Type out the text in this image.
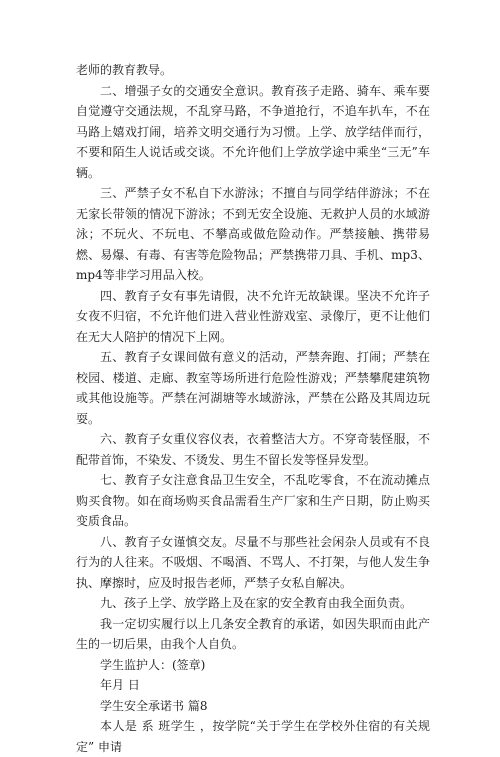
老师的教育教导。

二、增强子女的交通安全意识。教育孩子走路、骑车、乘车要自觉遵守交通法规，不乱穿马路，不争道抢行，不追车扒车，不在马路上嬉戏打闹，培养文明交通行为习惯。上学、放学结伴而行，不要和陌生人说话或交谈。不允许他们上学放学途中乘坐“三无”车辆。

三、严禁子女不私自下水游泳；不擅自与同学结伴游泳；不在无家长带领的情况下游泳；不到无安全设施、无救护人员的水域游泳；不玩火、不玩电、不攀高或做危险动作。严禁接触、携带易燃、易爆、有毒、有害等危险物品；严禁携带刀具、手机、mp3、mp4等非学习用品入校。

四、教育子女有事先请假，决不允许无故缺课。坚决不允许子女夜不归宿，不允许他们进入营业性游戏室、录像厅，更不让他们在无大人陪护的情况下上网。

五、教育子女课间做有意义的活动，严禁奔跑、打闹；严禁在校园、楼道、走廊、教室等场所进行危险性游戏；严禁攀爬建筑物或其他设施等。严禁在河湖塘等水域游泳，严禁在公路及其周边玩耍。

六、教育子女重仪容仪表，衣着整洁大方。不穿奇装怪服，不配带首饰，不染发、不烫发、男生不留长发等怪异发型。

七、教育子女注意食品卫生安全，不乱吃零食，不在流动摊点购买食物。如在商场购买食品需看生产厂家和生产日期，防止购买变质食品。

八、教育子女谨慎交友。尽量不与那些社会闲杂人员或有不良行为的人往来。不吸烟、不喝酒、不骂人、不打架，与他人发生争执、摩擦时，应及时报告老师，严禁子女私自解决。

九、孩子上学、放学路上及在家的安全教育由我全面负责。

我一定切实履行以上几条安全教育的承诺，如因失职而由此产生的一切后果，由我个人自负。

学生监护人：(签章)

年月 日

学生安全承诺书 篇8

本人是 系 班学生 ，按学院“关于学生在学校外住宿的有关规定” 申请
